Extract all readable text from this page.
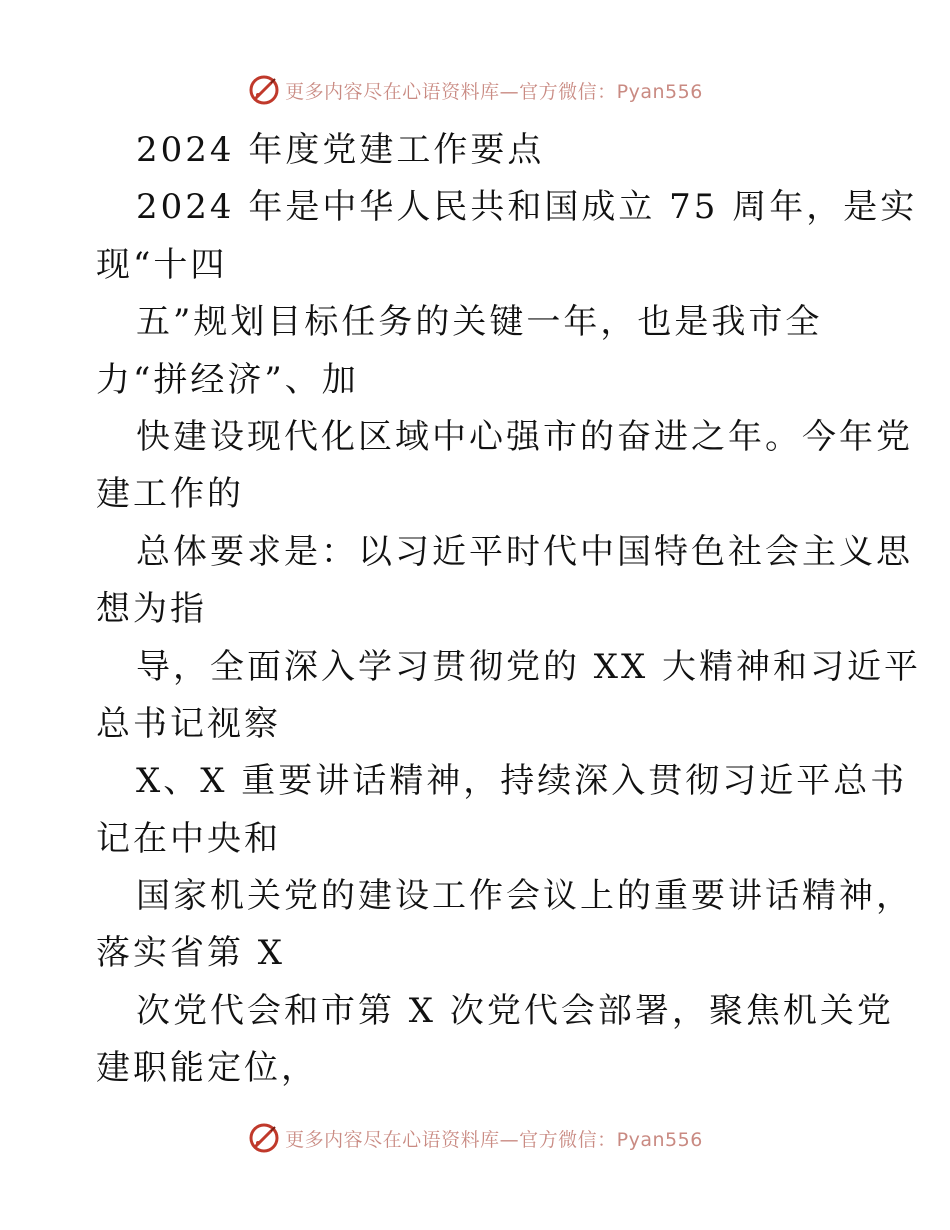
更多内容尽在心语资料库—官方微信：Pyan556
2024 年度党建工作要点
2024 年是中华人民共和国成立 75 周年，是实
现“十四
五”规划目标任务的关键一年，也是我市全
力“拼经济”、加
快建设现代化区域中心强市的奋进之年。今年党
建工作的
总体要求是：以习近平时代中国特色社会主义思
想为指
导，全面深入学习贯彻党的 XX 大精神和习近平
总书记视察
X、X 重要讲话精神，持续深入贯彻习近平总书
记在中央和
国家机关党的建设工作会议上的重要讲话精神，
落实省第 X
次党代会和市第 X 次党代会部署，聚焦机关党
建职能定位，
更多内容尽在心语资料库—官方微信：Pyan556
